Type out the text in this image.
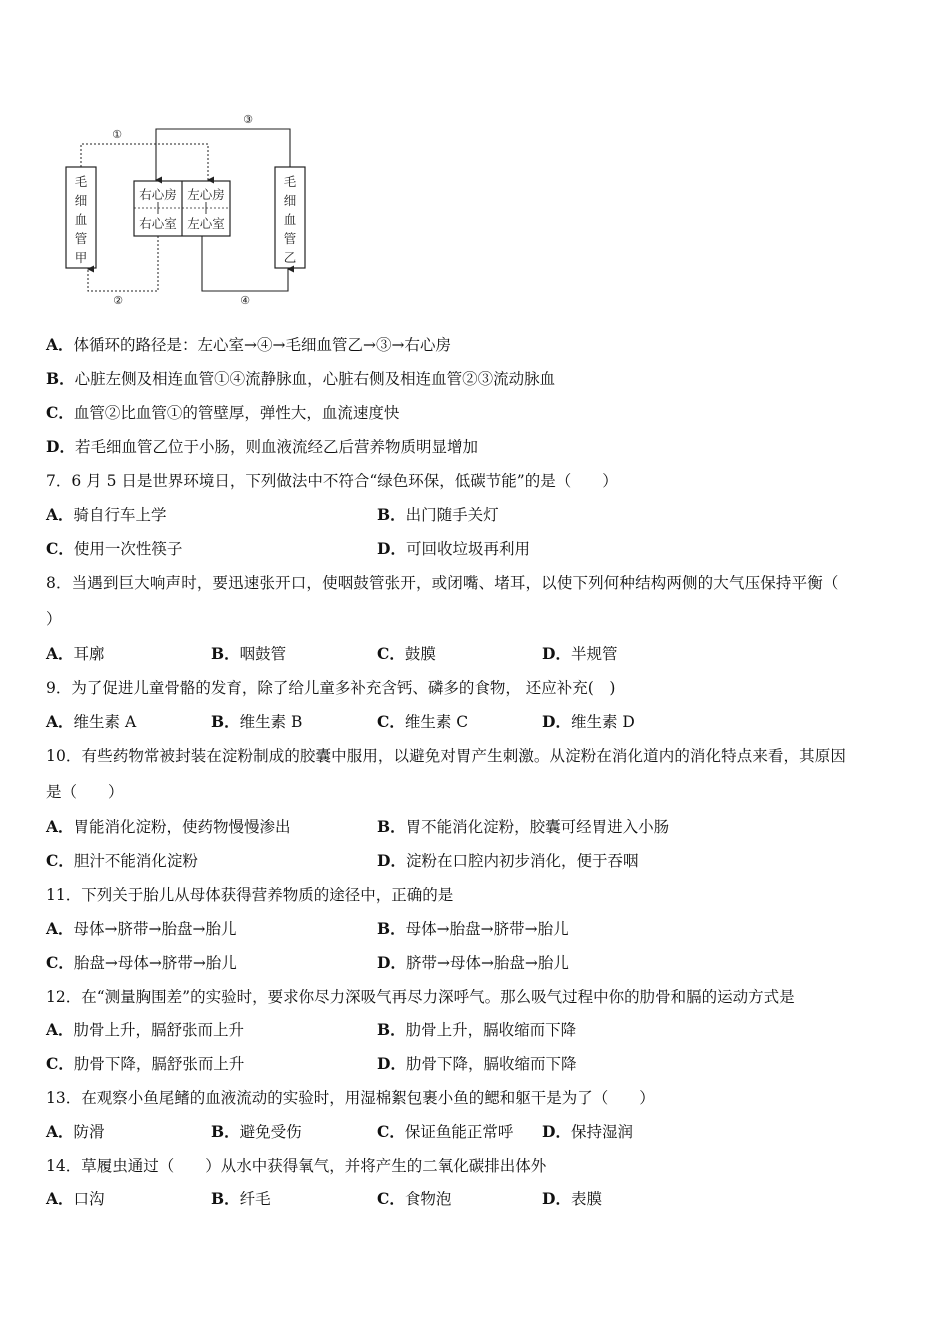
毛
细
血
管
甲
毛
细
血
管
乙
右心房 左心房
右心室 左心室
①
③
②	④
A．体循环的路径是：左心室→④→毛细血管乙→③→右心房
B．心脏左侧及相连血管①④流静脉血，心脏右侧及相连血管②③流动脉血
C．血管②比血管①的管壁厚，弹性大，血流速度快
D．若毛细血管乙位于小肠，则血液流经乙后营养物质明显增加
7．6 月 5 日是世界环境日，下列做法中不符合“绿色环保，低碳节能”的是（　　）
A．骑自行车上学	B．出门随手关灯
C．使用一次性筷子	D．可回收垃圾再利用
8．当遇到巨大响声时，要迅速张开口，使咽鼓管张开，或闭嘴、堵耳，以使下列何种结构两侧的大气压保持平衡（
）
A．耳廓	B．咽鼓管	C．鼓膜	D．半规管
9．为了促进儿童骨骼的发育，除了给儿童多补充含钙、磷多的食物， 还应补充(　)
A．维生素 A	B．维生素 B	C．维生素 C	D．维生素 D
10．有些药物常被封装在淀粉制成的胶囊中服用，以避免对胃产生刺激。从淀粉在消化道内的消化特点来看，其原因
是（　　）
A．胃能消化淀粉，使药物慢慢渗出	B．胃不能消化淀粉，胶囊可经胃进入小肠
C．胆汁不能消化淀粉	D．淀粉在口腔内初步消化，便于吞咽
11．下列关于胎儿从母体获得营养物质的途径中，正确的是
A．母体→脐带→胎盘→胎儿	B．母体→胎盘→脐带→胎儿
C．胎盘→母体→脐带→胎儿	D．脐带→母体→胎盘→胎儿
12．在“测量胸围差”的实验时，要求你尽力深吸气再尽力深呼气。那么吸气过程中你的肋骨和膈的运动方式是
A．肋骨上升，膈舒张而上升	B．肋骨上升，膈收缩而下降
C．肋骨下降，膈舒张而上升	D．肋骨下降，膈收缩而下降
13．在观察小鱼尾鳍的血液流动的实验时，用湿棉絮包裹小鱼的鳃和躯干是为了（　　）
A．防滑	B．避免受伤	C．保证鱼能正常呼 D．保持湿润
14．草履虫通过（　　）从水中获得氧气，并将产生的二氧化碳排出体外
A．口沟	B．纤毛	C．食物泡	D．表膜
